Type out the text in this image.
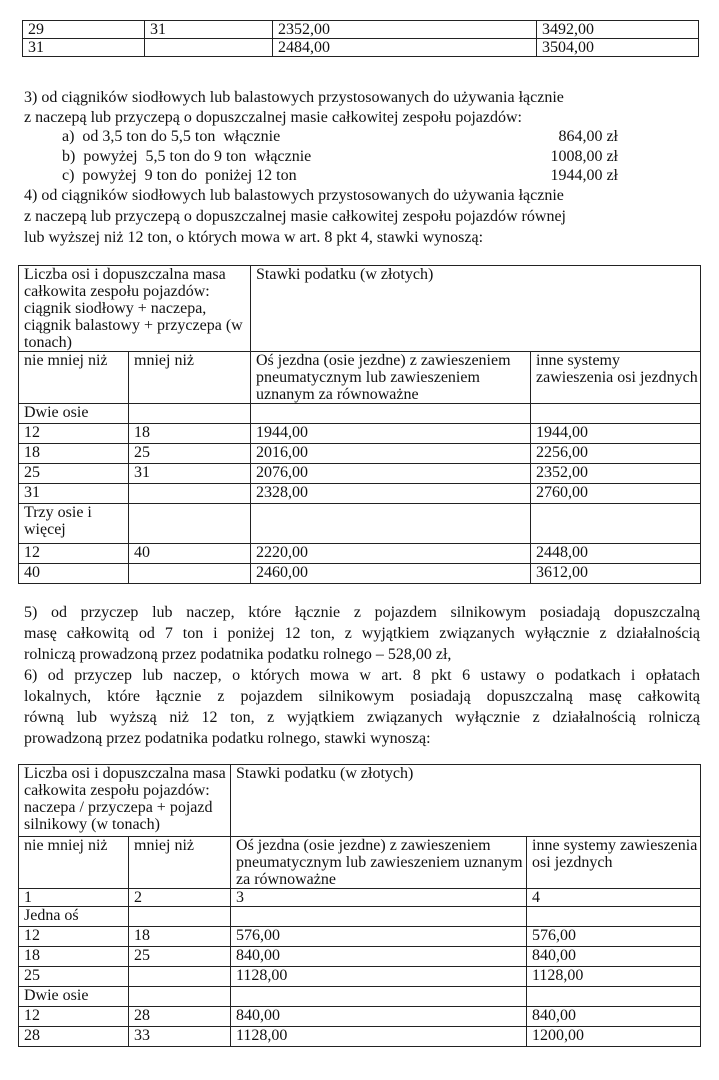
29	31	2352,00	3492,00
31		2484,00	3504,00
3) od ciągników siodłowych lub balastowych przystosowanych do używania łącznie
z naczepą lub przyczepą o dopuszczalnej masie całkowitej zespołu pojazdów:
a)  od 3,5 ton do 5,5 ton  włącznie	864,00 zł
b)  powyżej  5,5 ton do 9 ton  włącznie	1008,00 zł
c)  powyżej  9 ton do  poniżej 12 ton	1944,00 zł
4) od ciągników siodłowych lub balastowych przystosowanych do używania łącznie
z naczepą lub przyczepą o dopuszczalnej masie całkowitej zespołu pojazdów równej
lub wyższej niż 12 ton, o których mowa w art. 8 pkt 4, stawki wynoszą:
Liczba osi i dopuszczalna masa całkowita zespołu pojazdów: ciągnik siodłowy + naczepa, ciągnik balastowy + przyczepa (w tonach)		Stawki podatku (w złotych)	
nie mniej niż	mniej niż	Oś jezdna (osie jezdne) z zawieszeniem pneumatycznym lub zawieszeniem uznanym za równoważne	inne systemy zawieszenia osi jezdnych
Dwie osie			
12	18	1944,00	1944,00
18	25	2016,00	2256,00
25	31	2076,00	2352,00
31		2328,00	2760,00

Trzy osie i
więcej			

12	40	2220,00	2448,00
40		2460,00	3612,00
5) od przyczep lub naczep, które łącznie z pojazdem silnikowym posiadają dopuszczalną
masę całkowitą od 7 ton i poniżej 12 ton, z wyjątkiem związanych wyłącznie z działalnością
rolniczą prowadzoną przez podatnika podatku rolnego – 528,00 zł,
6) od przyczep lub naczep, o których mowa w art. 8 pkt 6 ustawy o podatkach i opłatach
lokalnych, które łącznie z pojazdem silnikowym posiadają dopuszczalną masę całkowitą
równą lub wyższą niż 12 ton, z wyjątkiem związanych wyłącznie z działalnością rolniczą
prowadzoną przez podatnika podatku rolnego, stawki wynoszą:
Liczba osi i dopuszczalna masa całkowita zespołu pojazdów: naczepa / przyczepa + pojazd silnikowy (w tonach)		Stawki podatku (w złotych)	
nie mniej niż	mniej niż	Oś jezdna (osie jezdne) z zawieszeniem pneumatycznym lub zawieszeniem uznanym za równoważne	inne systemy zawieszenia osi jezdnych
1	2	3	4
Jedna oś			
12	18	576,00	576,00
18	25	840,00	840,00
25		1128,00	1128,00
Dwie osie			
12	28	840,00	840,00
28	33	1128,00	1200,00
